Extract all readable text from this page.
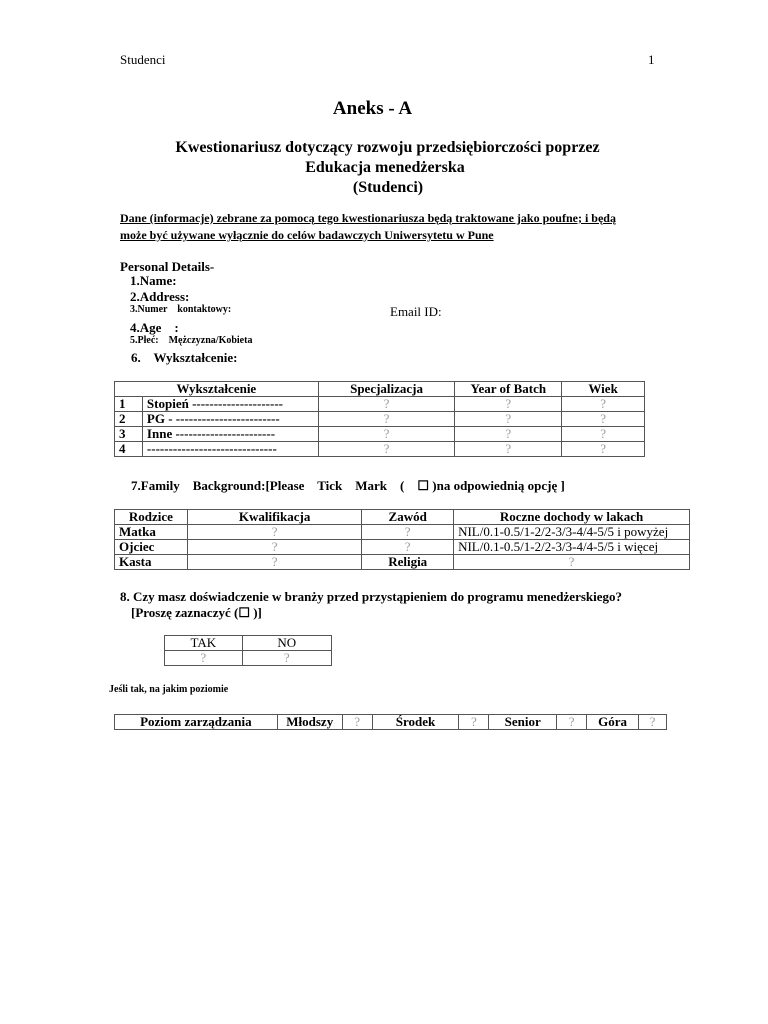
Studenci	1
Aneks - A
Kwestionariusz dotyczący rozwoju przedsiębiorczości poprzez
Edukacja menedżerska
(Studenci)
Dane (informacje) zebrane za pomocą tego kwestionariusza będą traktowane jako poufne; i będą
może być używane wyłącznie do celów badawczych Uniwersytetu w Pune
Personal Details-
1.Name:
2.Address:
3.Numer    kontaktowy:	Email ID:
4.Age    :
5.Płeć:    Mężczyzna/Kobieta
6.    Wykształcenie:
Wykształcenie		Specjalizacja	Year of Batch	Wiek
1	Stopień ---------------------	?	?	?
2	PG - ------------------------	?	?	?
3	Inne -----------------------	?	?	?
4	------------------------------	?	?	?
7.Family    Background:[Please    Tick    Mark    (    ☐ )na odpowiednią opcję ]
Rodzice	Kwalifikacja	Zawód	Roczne dochody w lakach
Matka	?	?	NIL/0.1-0.5/1-2/2-3/3-4/4-5/5 i powyżej
Ojciec	?	?	NIL/0.1-0.5/1-2/2-3/3-4/4-5/5 i więcej
Kasta	?	Religia	?
8. Czy masz doświadczenie w branży przed przystąpieniem do programu menedżerskiego?
[Proszę zaznaczyć (☐ )]
TAK	NO
?	?
Jeśli tak, na jakim poziomie
Poziom zarządzania	Młodszy	?	Środek	?	Senior	?	Góra	?
